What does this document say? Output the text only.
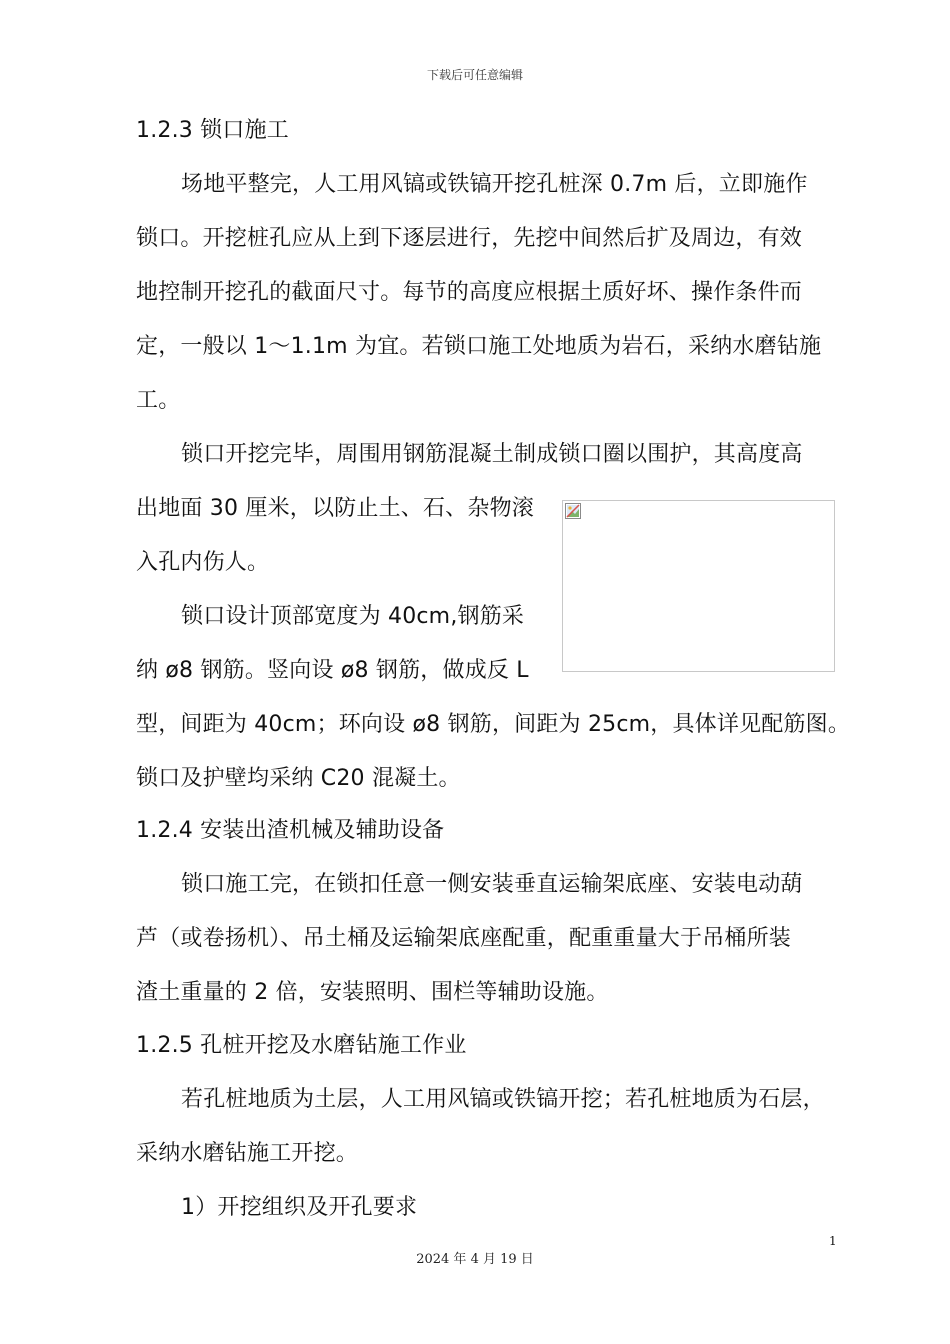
下载后可任意编辑
1.2.3 锁口施工
场地平整完，人工用风镐或铁镐开挖孔桩深 0.7m 后，立即施作
锁口。开挖桩孔应从上到下逐层进行，先挖中间然后扩及周边，有效
地控制开挖孔的截面尺寸。每节的高度应根据土质好坏、操作条件而
定，一般以 1～1.1m 为宜。若锁口施工处地质为岩石，采纳水磨钻施
工。
锁口开挖完毕，周围用钢筋混凝土制成锁口圈以围护，其高度高
出地面 30 厘米，以防止土、石、杂物滚
入孔内伤人。
锁口设计顶部宽度为 40cm,钢筋采
纳 ø8 钢筋。竖向设 ø8 钢筋，做成反 L
型，间距为 40cm；环向设 ø8 钢筋，间距为 25cm，具体详见配筋图。
锁口及护壁均采纳 C20 混凝土。
1.2.4 安装出渣机械及辅助设备
锁口施工完，在锁扣任意一侧安装垂直运输架底座、安装电动葫
芦（或卷扬机）、吊土桶及运输架底座配重，配重重量大于吊桶所装
渣土重量的 2 倍，安装照明、围栏等辅助设施。
1.2.5 孔桩开挖及水磨钻施工作业
若孔桩地质为土层，人工用风镐或铁镐开挖；若孔桩地质为石层，
采纳水磨钻施工开挖。
1）开挖组织及开孔要求
1
2024 年 4 月 19 日
